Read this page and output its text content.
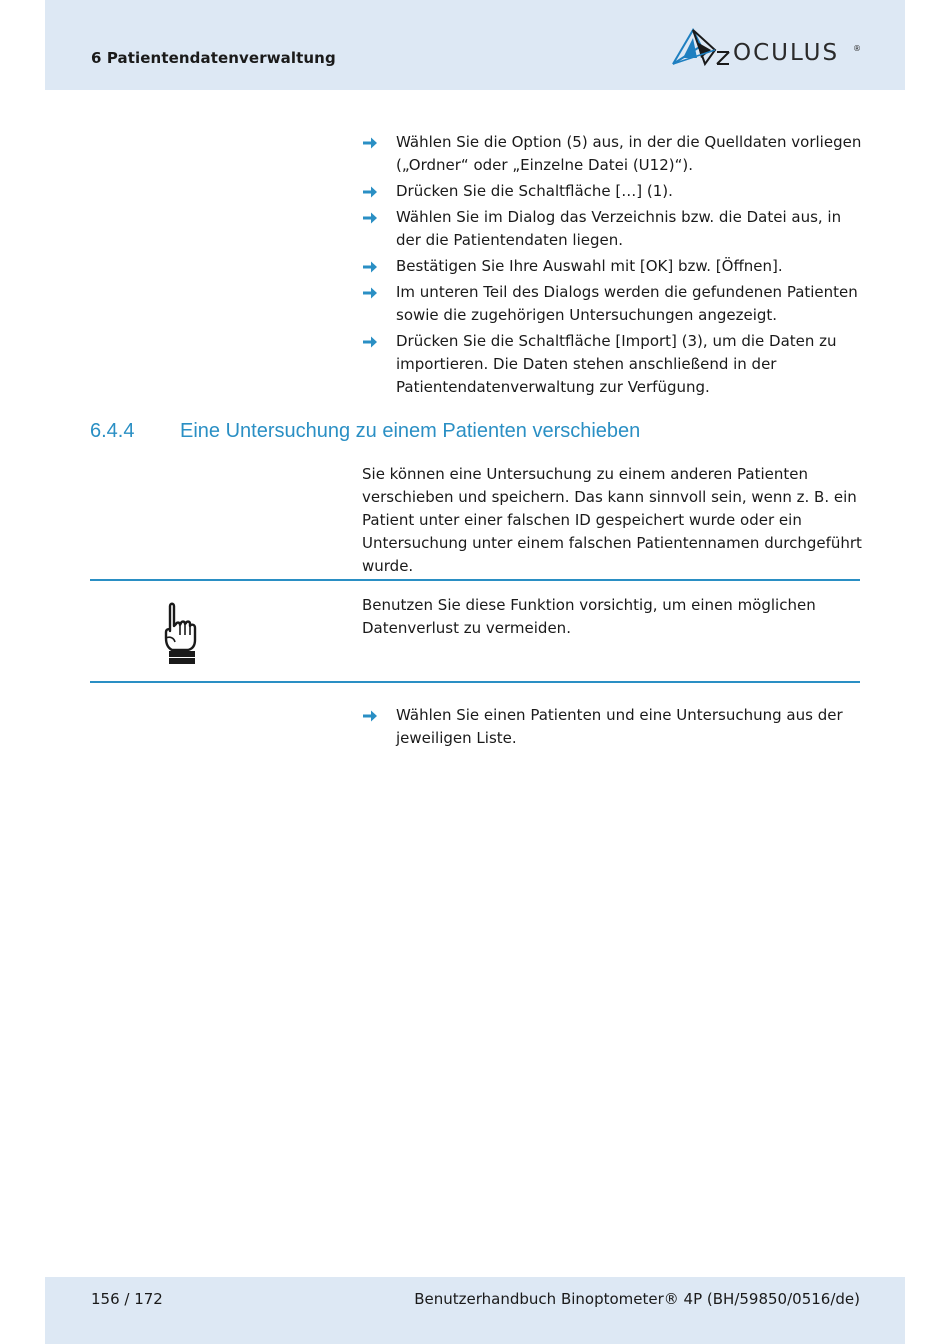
6 Patientendatenverwaltung	OCULUS ®
Wählen Sie die Option (5) aus, in der die Quelldaten vorliegen („Ordner“ oder „Einzelne Datei (U12)“).
Drücken Sie die Schaltfläche […] (1).
Wählen Sie im Dialog das Verzeichnis bzw. die Datei aus, in der die Patientendaten liegen.
Bestätigen Sie Ihre Auswahl mit [OK] bzw. [Öffnen].
Im unteren Teil des Dialogs werden die gefundenen Patienten sowie die zugehörigen Untersuchungen angezeigt.
Drücken Sie die Schaltfläche [Import] (3), um die Daten zu importieren. Die Daten stehen anschließend in der Patientendatenverwaltung zur Verfügung.
6.4.4 Eine Untersuchung zu einem Patienten verschieben
Sie können eine Untersuchung zu einem anderen Patienten verschieben und speichern. Das kann sinnvoll sein, wenn z. B. ein Patient unter einer falschen ID gespeichert wurde oder ein Untersuchung unter einem falschen Patientennamen durchgeführt wurde.
Benutzen Sie diese Funktion vorsichtig, um einen möglichen Datenverlust zu vermeiden.
Wählen Sie einen Patienten und eine Untersuchung aus der jeweiligen Liste.
156 / 172	Benutzerhandbuch Binoptometer® 4P (BH/59850/0516/de)
